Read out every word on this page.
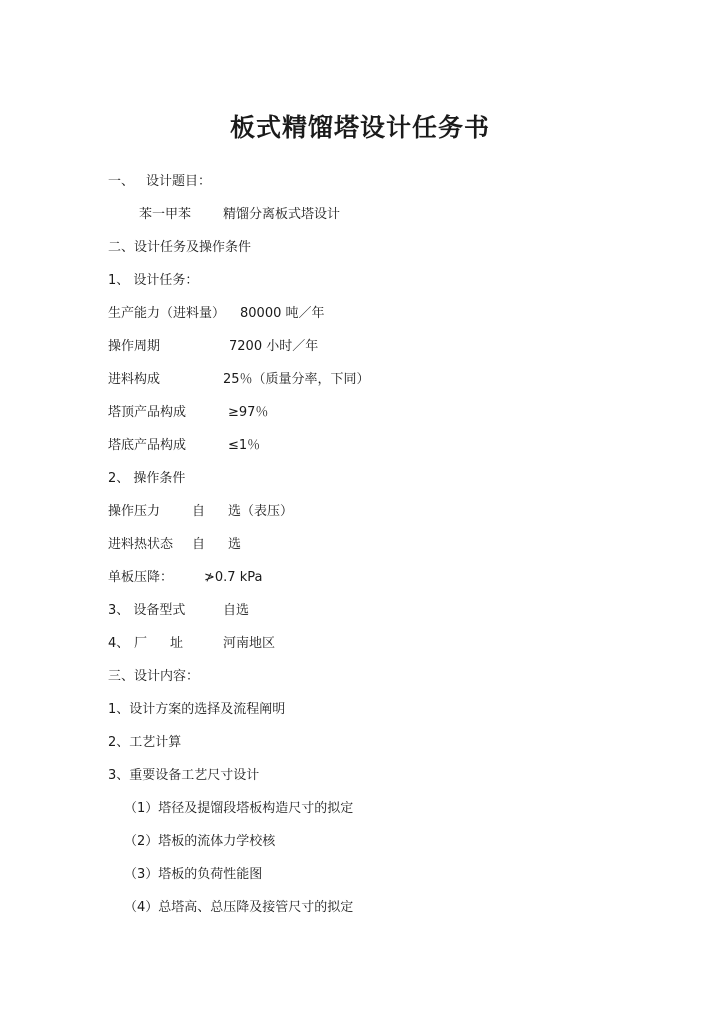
板式精馏塔设计任务书
一、 设计题目：
苯一甲苯 精馏分离板式塔设计
二、设计任务及操作条件
1、 设计任务：
生产能力（进料量） 80000 吨／年
操作周期	7200 小时／年
进料构成	25％（质量分率，下同）
塔顶产品构成	≥97％
塔底产品构成	≤1％
2、 操作条件
操作压力 自 选（表压）
进料热状态 自 选
单板压降： ≯0.7 kPa
3、 设备型式	自选
4、 厂 址	河南地区
三、设计内容：
1、设计方案的选择及流程阐明
2、工艺计算
3、重要设备工艺尺寸设计
（1）塔径及提馏段塔板构造尺寸的拟定
（2）塔板的流体力学校核
（3）塔板的负荷性能图
（4）总塔高、总压降及接管尺寸的拟定
